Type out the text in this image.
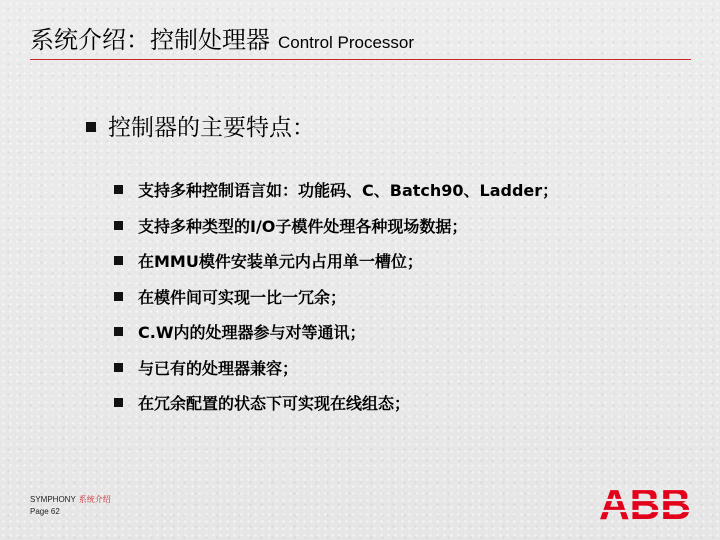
系统介绍：控制处理器 Control Processor
控制器的主要特点：
支持多种控制语言如：功能码、C、Batch90、Ladder；
支持多种类型的I/O子模件处理各种现场数据；
在MMU模件安装单元内占用单一槽位；
在模件间可实现一比一冗余；
C.W内的处理器参与对等通讯；
与已有的处理器兼容；
在冗余配置的状态下可实现在线组态；
SYMPHONY 系统介绍
Page 62	ABB
